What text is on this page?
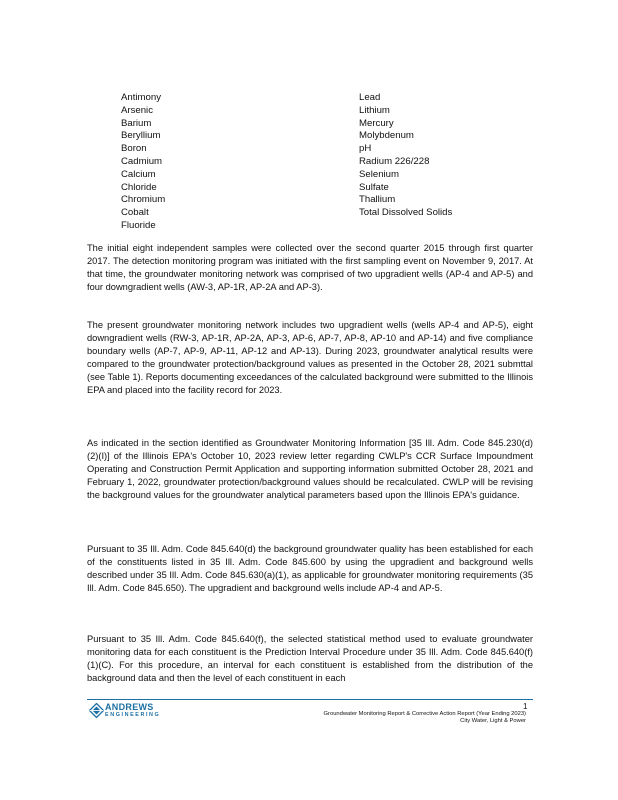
Antimony
Arsenic
Barium
Beryllium
Boron
Cadmium
Calcium
Chloride
Chromium
Cobalt
Fluoride
Lead
Lithium
Mercury
Molybdenum
pH
Radium 226/228
Selenium
Sulfate
Thallium
Total Dissolved Solids

The initial eight independent samples were collected over the second quarter 2015 through first quarter 2017. The detection monitoring program was initiated with the first sampling event on November 9, 2017. At that time, the groundwater monitoring network was comprised of two upgradient wells (AP-4 and AP-5) and four downgradient wells (AW-3, AP-1R, AP-2A and AP-3).

The present groundwater monitoring network includes two upgradient wells (wells AP-4 and AP-5), eight downgradient wells (RW-3, AP-1R, AP-2A, AP-3, AP-6, AP-7, AP-8, AP-10 and AP-14) and five compliance boundary wells (AP-7, AP-9, AP-11, AP-12 and AP-13). During 2023, groundwater analytical results were compared to the groundwater protection/background values as presented in the October 28, 2021 submttal (see Table 1). Reports documenting exceedances of the calculated background were submitted to the Illinois EPA and placed into the facility record for 2023.

As indicated in the section identified as Groundwater Monitoring Information [35 Ill. Adm. Code 845.230(d)(2)(I)] of the Illinois EPA's October 10, 2023 review letter regarding CWLP's CCR Surface Impoundment Operating and Construction Permit Application and supporting information submitted October 28, 2021 and February 1, 2022, groundwater protection/background values should be recalculated. CWLP will be revising the background values for the groundwater analytical parameters based upon the Illinois EPA's guidance.

Pursuant to 35 Ill. Adm. Code 845.640(d) the background groundwater quality has been established for each of the constituents listed in 35 Ill. Adm. Code 845.600 by using the upgradient and background wells described under 35 Ill. Adm. Code 845.630(a)(1), as applicable for groundwater monitoring requirements (35 Ill. Adm. Code 845.650). The upgradient and background wells include AP-4 and AP-5.

Pursuant to 35 Ill. Adm. Code 845.640(f), the selected statistical method used to evaluate groundwater monitoring data for each constituent is the Prediction Interval Procedure under 35 Ill. Adm. Code 845.640(f)(1)(C). For this procedure, an interval for each constituent is established from the distribution of the background data and then the level of each constituent in each

ANDREWS
ENGINEERING
1
Groundwater Monitoring Report & Corrective Action Report (Year Ending 2023)
City Water, Light & Power
